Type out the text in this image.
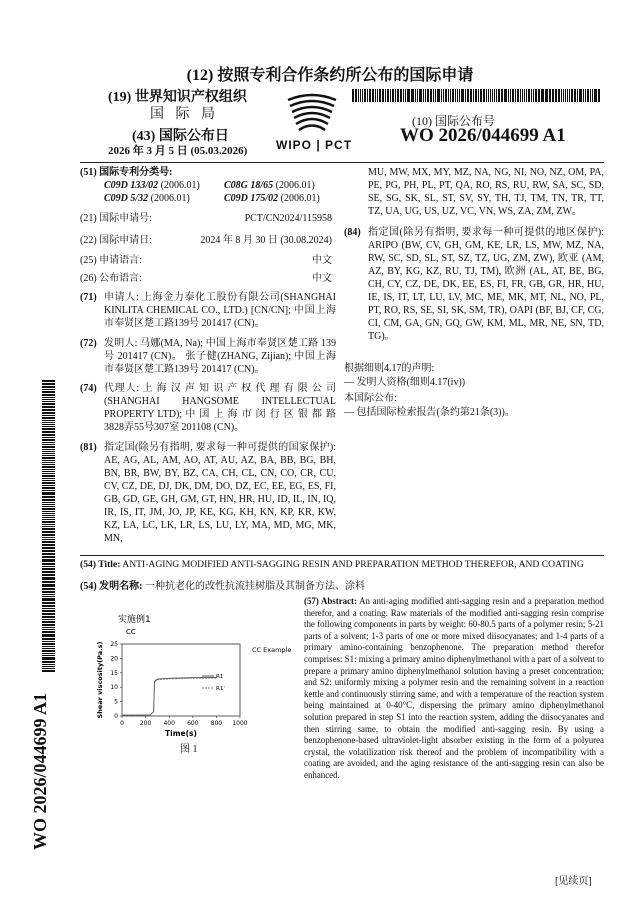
(12) 按照专利合作条约所公布的国际申请
(19) 世界知识产权组织
国 际 局
(43) 国际公布日
2026 年 3 月 5 日 (05.03.2026) WIPO | PCT
(10) 国际公布号
WO 2026/044699 A1
WO 2026/044699 A1
(51) 国际专利分类号:
C09D 133/02 (2006.01)	C08G 18/65 (2006.01)
C09D 5/32 (2006.01)	C09D 175/02 (2006.01)
(21) 国际申请号:	PCT/CN2024/115958
(22) 国际申请日:	2024 年 8 月 30 日 (30.08.2024)
(25) 申请语言:	中文
(26) 公布语言:	中文
(71) 申请人: 上海金力泰化工股份有限公司(SHANGHAI KINLITA CHEMICAL CO., LTD.) [CN/CN]; 中国上海市奉贤区楚工路139号 201417 (CN)。
(72) 发明人: 马娜(MA, Na); 中国上海市奉贤区楚工路 139 号 201417 (CN)。 张子健(ZHANG, Zijian); 中国上海市奉贤区楚工路139号 201417 (CN)。
(74) 代理人: 上 海 汉 声 知 识 产 权 代 理 有 限 公 司 (SHANGHAI HANGSOME INTELLECTUAL PROPERTY LTD); 中 国 上 海 市 闵 行 区 银 都 路 3828弄55号307室 201108 (CN)。
(81) 指定国(除另有指明, 要求每一种可提供的国家保护): AE, AG, AL, AM, AO, AT, AU, AZ, BA, BB, BG, BH, BN, BR, BW, BY, BZ, CA, CH, CL, CN, CO, CR, CU, CV, CZ, DE, DJ, DK, DM, DO, DZ, EC, EE, EG, ES, FI, GB, GD, GE, GH, GM, GT, HN, HR, HU, ID, IL, IN, IQ, IR, IS, IT, JM, JO, JP, KE, KG, KH, KN, KP, KR, KW, KZ, LA, LC, LK, LR, LS, LU, LY, MA, MD, MG, MK, MN,
MU, MW, MX, MY, MZ, NA, NG, NI, NO, NZ, OM, PA, PE, PG, PH, PL, PT, QA, RO, RS, RU, RW, SA, SC, SD, SE, SG, SK, SL, ST, SV, SY, TH, TJ, TM, TN, TR, TT, TZ, UA, UG, US, UZ, VC, VN, WS, ZA, ZM, ZW。
(84) 指定国(除另有指明, 要求每一种可提供的地区保护): ARIPO (BW, CV, GH, GM, KE, LR, LS, MW, MZ, NA, RW, SC, SD, SL, ST, SZ, TZ, UG, ZM, ZW), 欧亚 (AM, AZ, BY, KG, KZ, RU, TJ, TM), 欧洲 (AL, AT, BE, BG, CH, CY, CZ, DE, DK, EE, ES, FI, FR, GB, GR, HR, HU, IE, IS, IT, LT, LU, LV, MC, ME, MK, MT, NL, NO, PL, PT, RO, RS, SE, SI, SK, SM, TR), OAPI (BF, BJ, CF, CG, CI, CM, GA, GN, GQ, GW, KM, ML, MR, NE, SN, TD, TG)。
根据细则4.17的声明:
— 发明人资格(细则4.17(iv))
本国际公布:
— 包括国际检索报告(条约第21条(3))。
(54) Title: ANTI-AGING MODIFIED ANTI-SAGGING RESIN AND PREPARATION METHOD THEREFOR, AND COATING
(54) 发明名称: 一种抗老化的改性抗流挂树脂及其制备方法、涂料
实施例1
CC
CC Example
0	200 400 600 800 1000
0
5
10
15
20
25
Time(s)
Shear viscosity(Pa.s)	R1
R1'
图 1
(57) Abstract: An anti-aging modified anti-sagging resin and a preparation method therefor, and a coating. Raw materials of the modified anti-sagging resin comprise the following components in parts by weight: 60-80.5 parts of a polymer resin; 5-21 parts of a solvent; 1-3 parts of one or more mixed diisocyanates; and 1-4 parts of a primary amino-containing benzophenone. The preparation method therefor comprises: S1: mixing a primary amino diphenylmethanol with a part of a solvent to prepare a primary amino diphenylmethanol solution having a preset concentration; and S2: uniformly mixing a polymer resin and the remaining solvent in a reaction kettle and continuously stirring same, and with a temperature of the reaction system being maintained at 0-40°C, dispersing the primary amino diphenylmethanol solution prepared in step S1 into the reaction system, adding the diisocyanates and then stirring same, to obtain the modified anti-sagging resin. By using a benzophenone-based ultraviolet-light absorber existing in the form of a polyurea crystal, the volatilization risk thereof and the problem of incompatibility with a coating are avoided, and the aging resistance of the anti-sagging resin can also be enhanced.
[见续页]
